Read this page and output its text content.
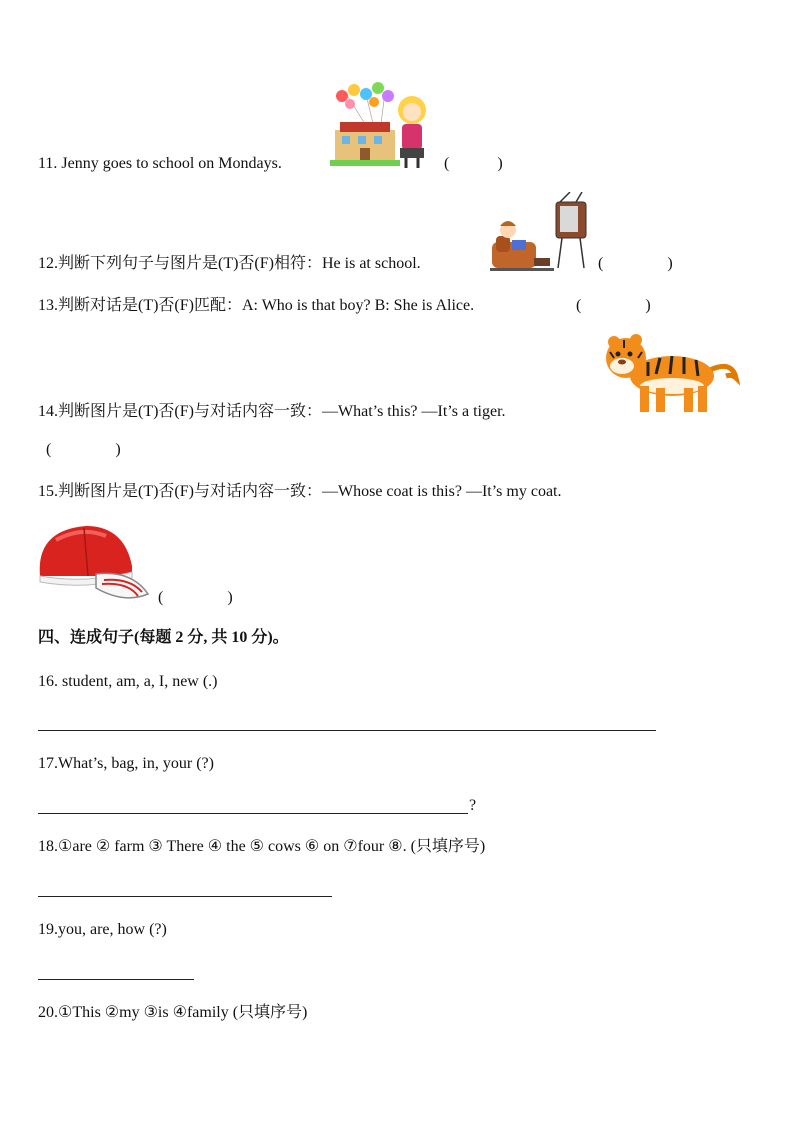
11. Jenny goes to school on Mondays.	(　　　)
12.判断下列句子与图片是(T)否(F)相符：He is at school.	(　　　　)
13.判断对话是(T)否(F)匹配：A: Who is that boy? B: She is Alice.	(　　　　)
14.判断图片是(T)否(F)与对话内容一致：—What’s this? —It’s a tiger.
(　　　　)
15.判断图片是(T)否(F)与对话内容一致：—Whose coat is this? —It’s my coat.
(　　　　)
四、连成句子(每题 2 分, 共 10 分)。
16. student, am, a, I, new (.)
17.What’s, bag, in, your (?)
?
18.①are ② farm ③ There ④ the ⑤ cows ⑥ on ⑦four ⑧. (只填序号)
19.you, are, how (?)
20.①This ②my ③is ④family (只填序号)
